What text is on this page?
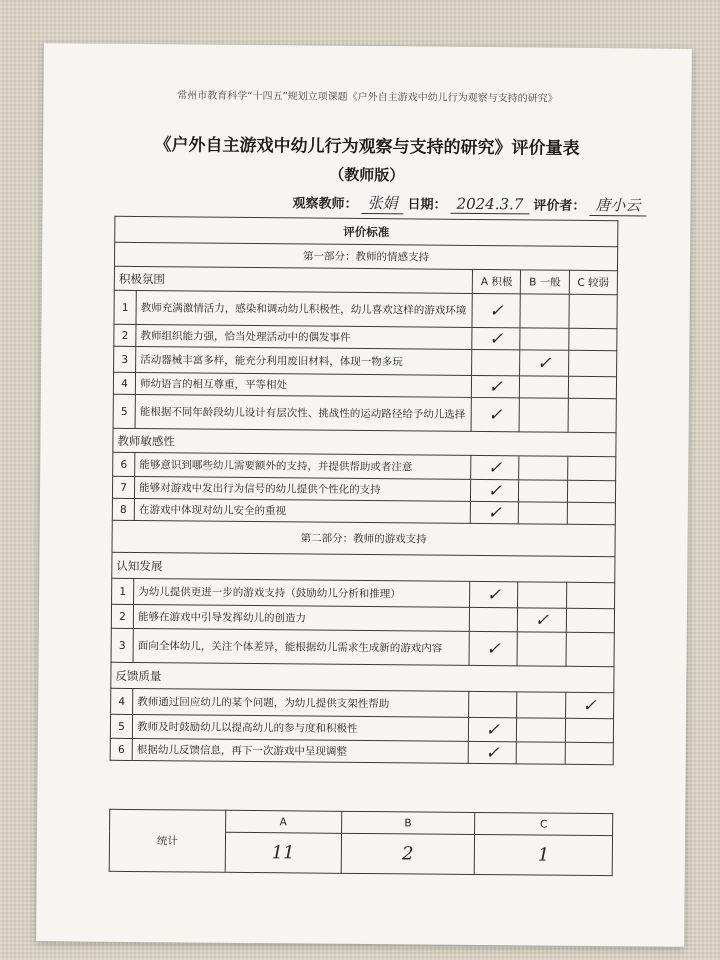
常州市教育科学“十四五”规划立项课题《户外自主游戏中幼儿行为观察与支持的研究》
《户外自主游戏中幼儿行为观察与支持的研究》评价量表
（教师版）
观察教师： 张娟 日期： 2024.3.7 评价者： 唐小云
评价标准				
第一部分：教师的情感支持				
积极氛围		A 积极	B 一般	C 较弱
1	教师充满激情活力，感染和调动幼儿积极性，幼儿喜欢这样的游戏环境	✓		
2	教师组织能力强，恰当处理活动中的偶发事件	✓		
3	活动器械丰富多样，能充分利用废旧材料，体现一物多玩		✓	
4	师幼语言的相互尊重，平等相处	✓		
5	能根据不同年龄段幼儿设计有层次性、挑战性的运动路径给予幼儿选择	✓		
教师敏感性				
6	能够意识到哪些幼儿需要额外的支持，并提供帮助或者注意	✓		
7	能够对游戏中发出行为信号的幼儿提供个性化的支持	✓		
8	在游戏中体现对幼儿安全的重视	✓		
第二部分：教师的游戏支持				
认知发展				
1	为幼儿提供更进一步的游戏支持（鼓励幼儿分析和推理）	✓		
2	能够在游戏中引导发挥幼儿的创造力		✓	
3	面向全体幼儿，关注个体差异，能根据幼儿需求生成新的游戏内容	✓		
反馈质量				
4	教师通过回应幼儿的某个问题，为幼儿提供支架性帮助			✓
5	教师及时鼓励幼儿以提高幼儿的参与度和积极性	✓		
6	根据幼儿反馈信息，再下一次游戏中呈现调整	✓		
统计	A	B	C
	11	2	1
